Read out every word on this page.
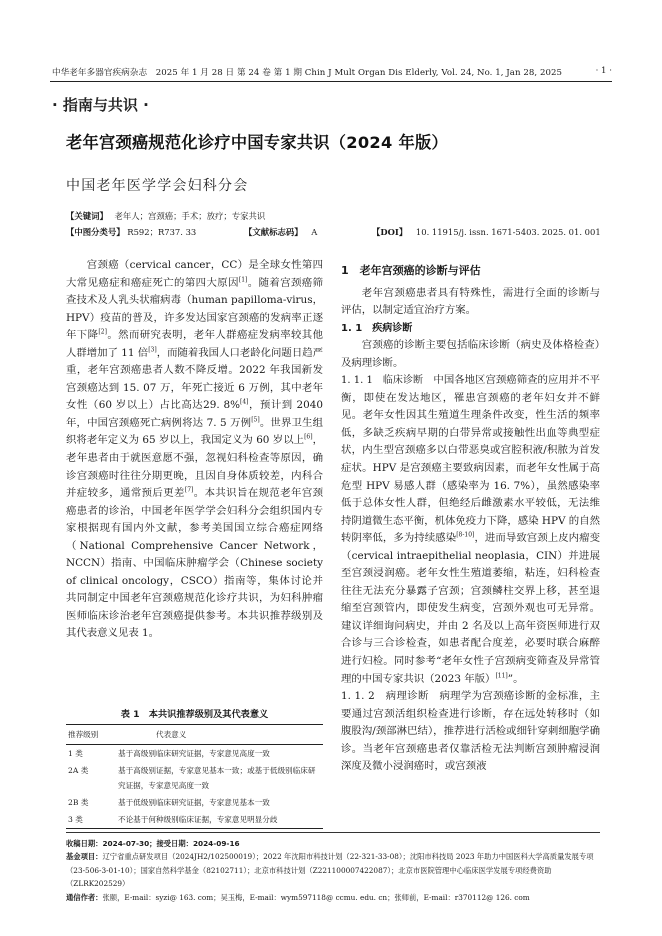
中华老年多器官疾病杂志　2025 年 1 月 28 日 第 24 卷 第 1 期 Chin J Mult Organ Dis Elderly, Vol. 24, No. 1, Jan 28, 2025	· 1 ·
· 指南与共识 ·
老年宫颈癌规范化诊疗中国专家共识（2024 年版）
中国老年医学学会妇科分会
【关键词】 老年人；宫颈癌；手术；放疗；专家共识
【中图分类号】 R592；R737. 33	【文献标志码】 A	【DOI】 10. 11915/j. issn. 1671-5403. 2025. 01. 001

宫颈癌（cervical cancer，CC）是全球女性第四大常见癌症和癌症死亡的第四大原因[1]。随着宫颈癌筛查技术及人乳头状瘤病毒（human papilloma-virus，HPV）疫苗的普及，许多发达国家宫颈癌的发病率正逐年下降[2]。然而研究表明，老年人群癌症发病率较其他人群增加了 11 倍[3]，而随着我国人口老龄化问题日趋严重，老年宫颈癌患者人数不降反增。2022 年我国新发宫颈癌达到 15. 07 万，年死亡接近 6 万例，其中老年女性（60 岁以上）占比高达29. 8%[4]，预计到 2040 年，中国宫颈癌死亡病例将达 7. 5 万例[5]。世界卫生组织将老年定义为 65 岁以上，我国定义为 60 岁以上[6]，老年患者由于就医意愿不强，忽视妇科检查等原因，确诊宫颈癌时往往分期更晚，且因自身体质较差，内科合并症较多，通常预后更差[7]。本共识旨在规范老年宫颈癌患者的诊治，中国老年医学学会妇科分会组织国内专家根据现有国内外文献，参考美国国立综合癌症网络（National Comprehensive Cancer Network，NCCN）指南、中国临床肿瘤学会（Chinese society of clinical oncology，CSCO）指南等，集体讨论并共同制定中国老年宫颈癌规范化诊疗共识，为妇科肿瘤医师临床诊治老年宫颈癌提供参考。本共识推荐级别及其代表意义见表 1。

表 1　本共识推荐级别及其代表意义
推荐级别	代表意义
1 类	基于高级别临床研究证据，专家意见高度一致
2A 类	基于高级别证据，专家意见基本一致；或基于低级别临床研究证据，专家意见高度一致
2B 类	基于低级别临床研究证据，专家意见基本一致
3 类	不论基于何种级别临床证据，专家意见明显分歧

1　老年宫颈癌的诊断与评估

老年宫颈癌患者具有特殊性，需进行全面的诊断与评估，以制定适宜治疗方案。

1. 1　疾病诊断

宫颈癌的诊断主要包括临床诊断（病史及体格检查）及病理诊断。

1. 1. 1　临床诊断　 中国各地区宫颈癌筛查的应用并不平衡，即使在发达地区，罹患宫颈癌的老年妇女并不鲜见。老年女性因其生殖道生理条件改变，性生活的频率低，多缺乏疾病早期的白带异常或接触性出血等典型症状，内生型宫颈癌多以白带恶臭或宫腔积液/积脓为首发症状。HPV 是宫颈癌主要致病因素，而老年女性属于高危型 HPV 易感人群（感染率为 16. 7%），虽然感染率低于总体女性人群，但绝经后雌激素水平较低，无法维持阴道微生态平衡，机体免疫力下降，感染 HPV 的自然转阴率低，多为持续感染[8-10]，进而导致宫颈上皮内瘤变（cervical intraepithelial neoplasia，CIN）并进展至宫颈浸润癌。老年女性生殖道萎缩，粘连，妇科检查往往无法充分暴露子宫颈；宫颈鳞柱交界上移，甚至退缩至宫颈管内，即使发生病变，宫颈外观也可无异常。建议详细询问病史，并由 2 名及以上高年资医师进行双合诊与三合诊检查，如患者配合度差，必要时联合麻醉进行妇检。同时参考“老年女性子宫颈病变筛查及异常管理的中国专家共识（2023 年版）[11]”。

1. 1. 2　病理诊断　 病理学为宫颈癌诊断的金标准，主要通过宫颈活组织检查进行诊断，存在远处转移时（如腹股沟/颈部淋巴结），推荐进行活检或细针穿刺细胞学确诊。当老年宫颈癌患者仅靠活检无法判断宫颈肿瘤浸润深度及微小浸润癌时，或宫颈液

收稿日期：2024-07-30；接受日期：2024-09-16

基金项目：辽宁省重点研发项目（2024JH2/102500019）；2022 年沈阳市科技计划（22-321-33-08）；沈阳市科技局 2023 年助力中国医科大学高质量发展专项（23-506-3-01-10）；国家自然科学基金（82102711）；北京市科技计划（Z221100007422087）；北京市医院管理中心临床医学发展专项经费资助（ZLRK202529）

通信作者：张颐，E-mail：syzi@ 163. com；吴玉梅，E-mail：wym597118@ ccmu. edu. cn；张师前，E-mail：r370112@ 126. com
